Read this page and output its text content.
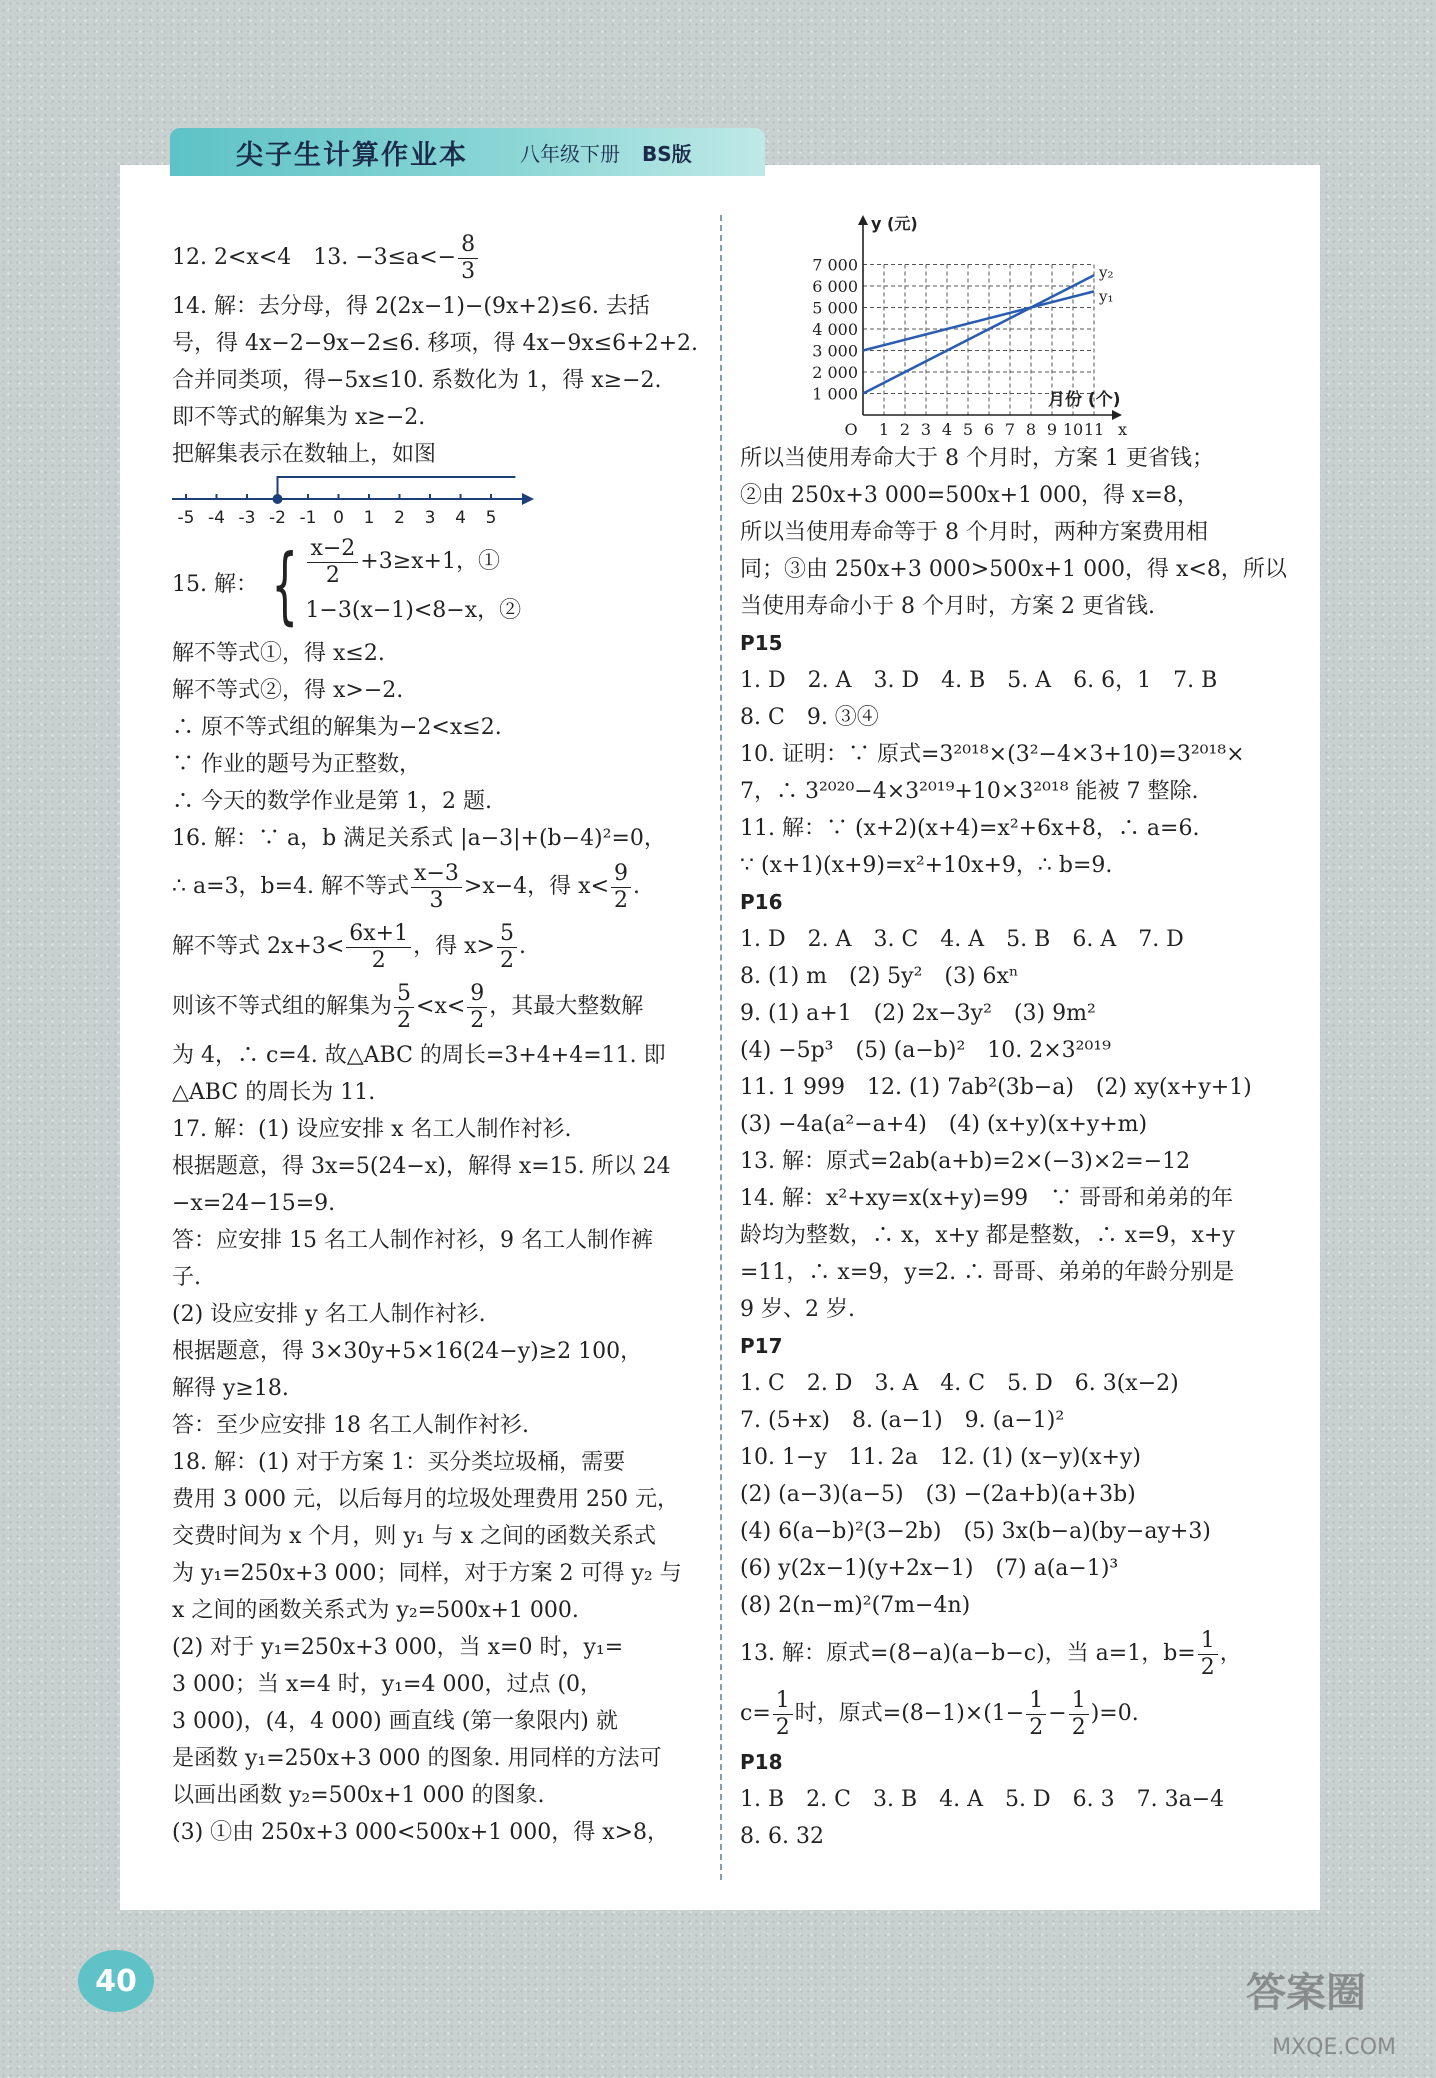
尖子生计算作业本	八年级下册 BS版

12. 2<x<4　13. $-3\le a<- \frac{8}{3}$

14. 解：去分母，得 2(2x−1)−(9x+2)≤6. 去括

号，得 4x−2−9x−2≤6. 移项，得 4x−9x≤6+2+2.

合并同类项，得−5x≤10. 系数化为 1，得 x≥−2.

即不等式的解集为 x≥−2.

把解集表示在数轴上，如图

-5 -4 -3 -2 -1 0 1 2 3 4 5

15. 解： { $\frac{x-2}{2} +3\ge x+1$，①
1−3(x−1)<8−x，②

解不等式①，得 x≤2.

解不等式②，得 x>−2.

∴ 原不等式组的解集为−2<x≤2.

∵ 作业的题号为正整数，

∴ 今天的数学作业是第 1，2 题.

16. 解：∵ a，b 满足关系式 |a−3|+(b−4)²=0，

∴ a=3，b=4. 解不等式 $\frac{x-3}{3} >x-4$，得 $x< \frac{9}{2}$ .

解不等式 $2x+3< \frac{6x+1}{2}$ ，得 $x> \frac{5}{2}$ .

则该不等式组的解集为 $\frac{5}{2} <x< \frac{9}{2}$ ，其最大整数解

为 4，∴ c=4. 故△ABC 的周长=3+4+4=11. 即

△ABC 的周长为 11.

17. 解：(1) 设应安排 x 名工人制作衬衫.

根据题意，得 3x=5(24−x)，解得 x=15. 所以 24

−x=24−15=9.

答：应安排 15 名工人制作衬衫，9 名工人制作裤

子.

(2) 设应安排 y 名工人制作衬衫.

根据题意，得 3×30y+5×16(24−y)≥2 100，

解得 y≥18.

答：至少应安排 18 名工人制作衬衫.

18. 解：(1) 对于方案 1：买分类垃圾桶，需要

费用 3 000 元，以后每月的垃圾处理费用 250 元，

交费时间为 x 个月，则 y₁ 与 x 之间的函数关系式

为 y₁=250x+3 000；同样，对于方案 2 可得 y₂ 与

x 之间的函数关系式为 y₂=500x+1 000.

(2) 对于 y₁=250x+3 000，当 x=0 时，y₁=

3 000；当 x=4 时，y₁=4 000，过点 (0，

3 000)，(4，4 000) 画直线 (第一象限内) 就

是函数 y₁=250x+3 000 的图象. 用同样的方法可

以画出函数 y₂=500x+1 000 的图象.

(3) ①由 250x+3 000<500x+1 000，得 x>8，

1 000
2 000
3 000
4 000
5 000
6 000
7 000
1 2 3 4 5 6 7 8 9 10 11
O	x
y (元)
月份 (个)
y₁
y₂

所以当使用寿命大于 8 个月时，方案 1 更省钱；

②由 250x+3 000=500x+1 000，得 x=8，

所以当使用寿命等于 8 个月时，两种方案费用相

同；③由 250x+3 000>500x+1 000，得 x<8，所以

当使用寿命小于 8 个月时，方案 2 更省钱.

P15

1. D　2. A　3. D　4. B　5. A　6. 6，1　7. B

8. C　9. ③④

10. 证明：∵ 原式=3²⁰¹⁸×(3²−4×3+10)=3²⁰¹⁸×

7，∴ 3²⁰²⁰−4×3²⁰¹⁹+10×3²⁰¹⁸ 能被 7 整除.

11. 解：∵ (x+2)(x+4)=x²+6x+8，∴ a=6.

∵ (x+1)(x+9)=x²+10x+9，∴ b=9.

P16

1. D　2. A　3. C　4. A　5. B　6. A　7. D

8. (1) m　(2) 5y²　(3) 6xⁿ

9. (1) a+1　(2) 2x−3y²　(3) 9m²

(4) −5p³　(5) (a−b)²　10. 2×3²⁰¹⁹

11. 1 999　12. (1) 7ab²(3b−a)　(2) xy(x+y+1)

(3) −4a(a²−a+4)　(4) (x+y)(x+y+m)

13. 解：原式=2ab(a+b)=2×(−3)×2=−12

14. 解：x²+xy=x(x+y)=99　∵ 哥哥和弟弟的年

龄均为整数，∴ x，x+y 都是整数，∴ x=9，x+y

=11，∴ x=9，y=2. ∴ 哥哥、弟弟的年龄分别是

9 岁、2 岁.

P17

1. C　2. D　3. A　4. C　5. D　6. 3(x−2)

7. (5+x)　8. (a−1)　9. (a−1)²

10. 1−y　11. 2a　12. (1) (x−y)(x+y)

(2) (a−3)(a−5)　(3) −(2a+b)(a+3b)

(4) 6(a−b)²(3−2b)　(5) 3x(b−a)(by−ay+3)

(6) y(2x−1)(y+2x−1)　(7) a(a−1)³

(8) 2(n−m)²(7m−4n)

13. 解：原式=(8−a)(a−b−c)，当 a=1，$b= \frac{1}{2}$ ，

$c= \frac{1}{2}$ 时，原式$=(8-1)\times(1- \frac{1}{2} - \frac{1}{2} )=0$.

P18

1. B　2. C　3. B　4. A　5. D　6. 3　7. 3a−4

8. 6. 32

40	答案圈
MXQE.COM
